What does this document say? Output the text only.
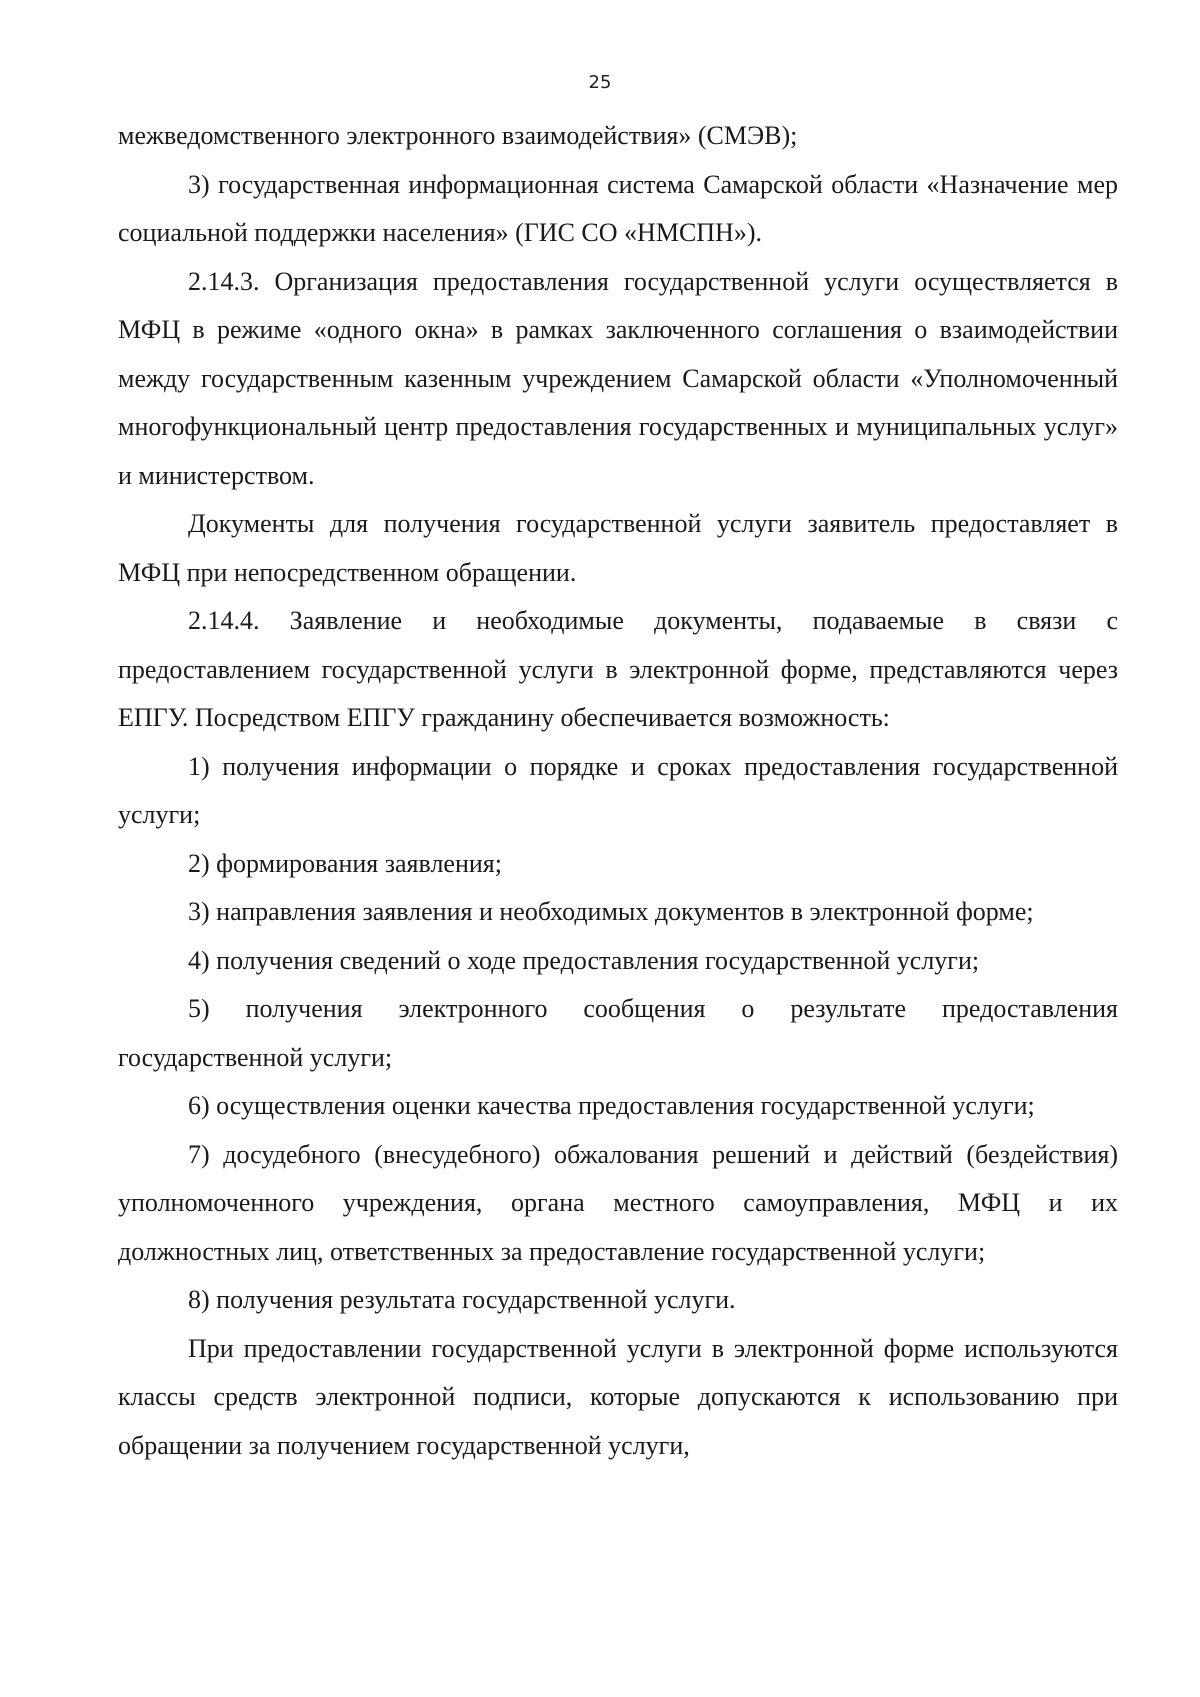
25

межведомственного электронного взаимодействия» (СМЭВ);

3) государственная информационная система Самарской области «Назначение мер социальной поддержки населения» (ГИС СО «НМСПН»).

2.14.3. Организация предоставления государственной услуги осуществляется в МФЦ в режиме «одного окна» в рамках заключенного соглашения о взаимодействии между государственным казенным учреждением Самарской области «Уполномоченный многофункциональный центр предоставления государственных и муниципальных услуг» и министерством.

Документы для получения государственной услуги заявитель предоставляет в МФЦ при непосредственном обращении.

2.14.4. Заявление и необходимые документы, подаваемые в связи с предоставлением государственной услуги в электронной форме, представляются через ЕПГУ. Посредством ЕПГУ гражданину обеспечивается возможность:

1) получения информации о порядке и сроках предоставления государственной услуги;

2) формирования заявления;

3) направления заявления и необходимых документов в электронной форме;

4) получения сведений о ходе предоставления государственной услуги;

5) получения электронного сообщения о результате предоставления государственной услуги;

6) осуществления оценки качества предоставления государственной услуги;

7) досудебного (внесудебного) обжалования решений и действий (бездействия) уполномоченного учреждения, органа местного самоуправления, МФЦ и их должностных лиц, ответственных за предоставление государственной услуги;

8) получения результата государственной услуги.

При предоставлении государственной услуги в электронной форме используются классы средств электронной подписи, которые допускаются к использованию при обращении за получением государственной услуги,
